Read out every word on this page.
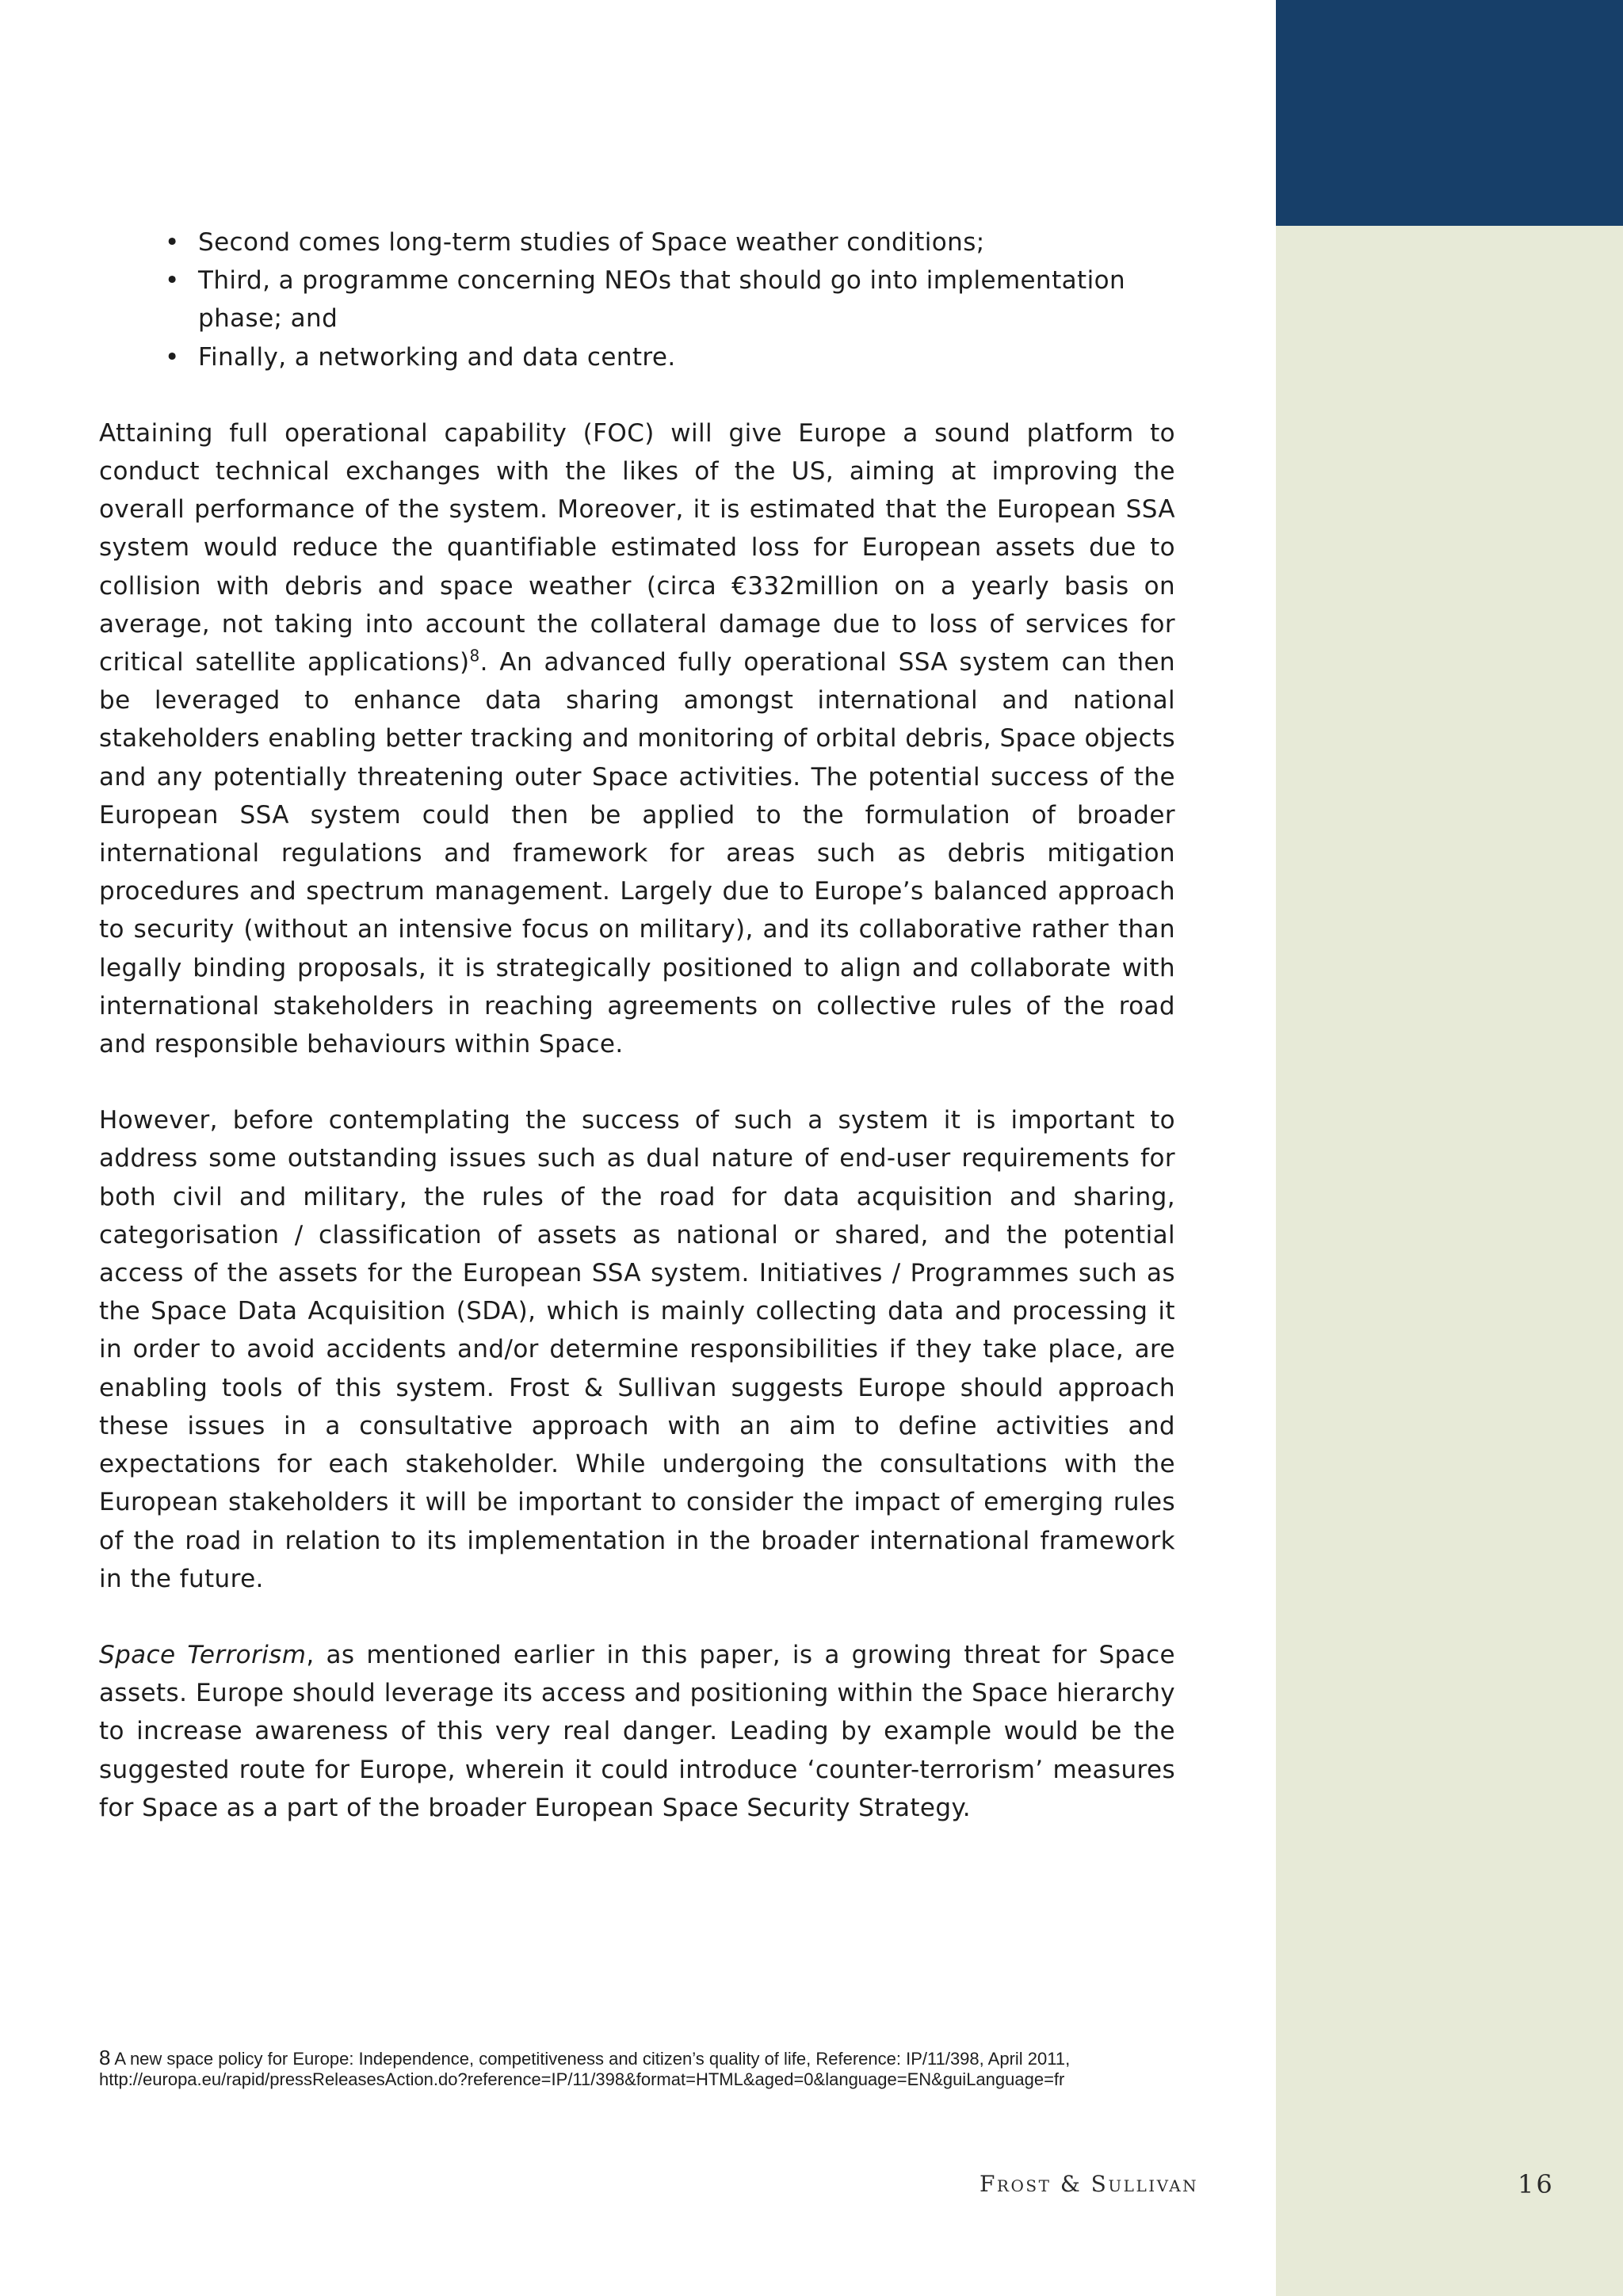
• Second comes long-term studies of Space weather conditions;
• Third, a programme concerning NEOs that should go into implementation phase; and
• Finally, a networking and data centre.

Attaining full operational capability (FOC) will give Europe a sound platform to conduct technical exchanges with the likes of the US, aiming at improving the overall performance of the system. Moreover, it is estimated that the European SSA system would reduce the quantifiable estimated loss for European assets due to collision with debris and space weather (circa €332million on a yearly basis on average, not taking into account the collateral damage due to loss of services for critical satellite applications)$^8$. An advanced fully operational SSA system can then be leveraged to enhance data sharing amongst international and national stakeholders enabling better tracking and monitoring of orbital debris, Space objects and any potentially threatening outer Space activities. The potential success of the European SSA system could then be applied to the formulation of broader international regulations and framework for areas such as debris mitigation procedures and spectrum management. Largely due to Europe’s balanced approach to security (without an intensive focus on military), and its collaborative rather than legally binding proposals, it is strategically positioned to align and collaborate with international stakeholders in reaching agreements on collective rules of the road and responsible behaviours within Space.

However, before contemplating the success of such a system it is important to address some outstanding issues such as dual nature of end-user requirements for both civil and military, the rules of the road for data acquisition and sharing, categorisation / classification of assets as national or shared, and the potential access of the assets for the European SSA system. Initiatives / Programmes such as the Space Data Acquisition (SDA), which is mainly collecting data and processing it in order to avoid accidents and/or determine responsibilities if they take place, are enabling tools of this system. Frost & Sullivan suggests Europe should approach these issues in a consultative approach with an aim to define activities and expectations for each stakeholder. While undergoing the consultations with the European stakeholders it will be important to consider the impact of emerging rules of the road in relation to its implementation in the broader international framework in the future.

Space Terrorism, as mentioned earlier in this paper, is a growing threat for Space assets. Europe should leverage its access and positioning within the Space hierarchy to increase awareness of this very real danger. Leading by example would be the suggested route for Europe, wherein it could introduce ‘counter-terrorism’ measures for Space as a part of the broader European Space Security Strategy.

8 A new space policy for Europe: Independence, competitiveness and citizen’s quality of life, Reference: IP/11/398, April 2011,
http://europa.eu/rapid/pressReleasesAction.do?reference=IP/11/398&format=HTML&aged=0&language=EN&guiLanguage=fr
Frost & Sullivan	16
